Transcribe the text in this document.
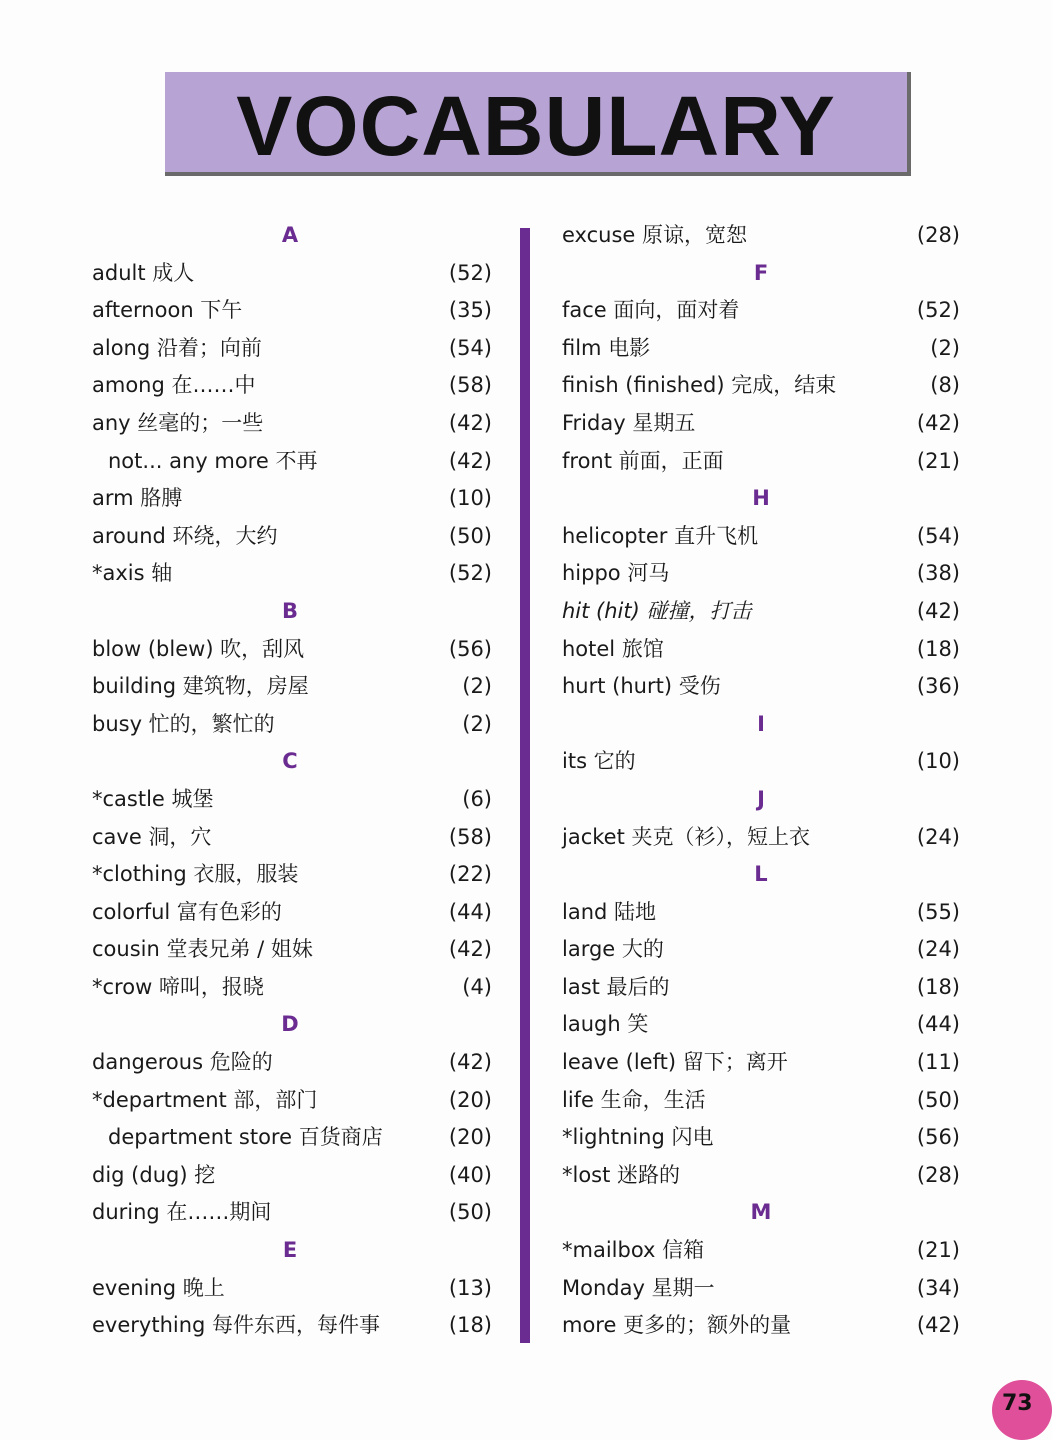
VOCABULARY
A
adult 成人	(52)
afternoon 下午	(35)
along 沿着；向前	(54)
among 在……中	(58)
any 丝毫的；一些	(42)
not... any more 不再	(42)
arm 胳膊	(10)
around 环绕，大约	(50)
*axis 轴	(52)
B
blow (blew) 吹，刮风	(56)
building 建筑物，房屋	(2)
busy 忙的，繁忙的	(2)
C
*castle 城堡	(6)
cave 洞，穴	(58)
*clothing 衣服，服装	(22)
colorful 富有色彩的	(44)
cousin 堂表兄弟 / 姐妹	(42)
*crow 啼叫，报晓	(4)
D
dangerous 危险的	(42)
*department 部，部门	(20)
department store 百货商店	(20)
dig (dug) 挖	(40)
during 在……期间	(50)
E
evening 晚上	(13)
everything 每件东西，每件事	(18)
excuse 原谅，宽恕	(28)
F
face 面向，面对着	(52)
film 电影	(2)
finish (finished) 完成，结束	(8)
Friday 星期五	(42)
front 前面，正面	(21)
H
helicopter 直升飞机	(54)
hippo 河马	(38)
hit (hit) 碰撞，打击	(42)
hotel 旅馆	(18)
hurt (hurt) 受伤	(36)
I
its 它的	(10)
J
jacket 夹克（衫），短上衣	(24)
L
land 陆地	(55)
large 大的	(24)
last 最后的	(18)
laugh 笑	(44)
leave (left) 留下；离开	(11)
life 生命，生活	(50)
*lightning 闪电	(56)
*lost 迷路的	(28)
M
*mailbox 信箱	(21)
Monday 星期一	(34)
more 更多的；额外的量	(42)
73
